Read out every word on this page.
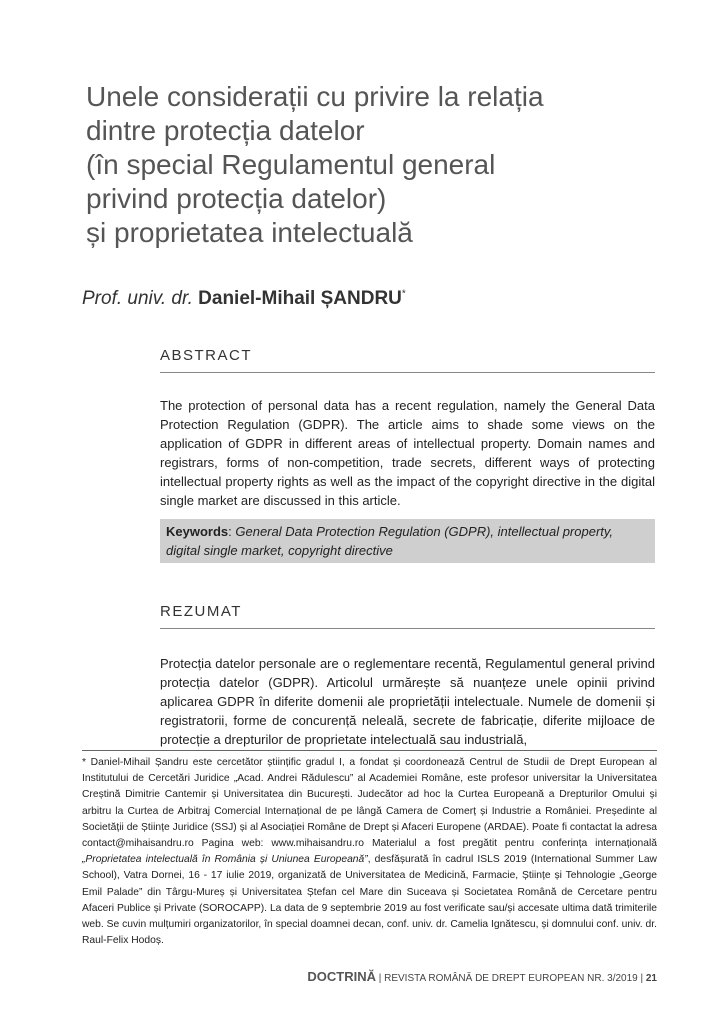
Unele considerații cu privire la relația
dintre protecția datelor
(în special Regulamentul general
privind protecția datelor)
și proprietatea intelectuală
Prof. univ. dr. Daniel-Mihail ȘANDRU*
ABSTRACT

The protection of personal data has a recent regulation, namely the General Data Protection Regulation (GDPR). The article aims to shade some views on the application of GDPR in different areas of intellectual property. Domain names and registrars, forms of non-competition, trade secrets, different ways of protecting intellectual property rights as well as the impact of the copyright directive in the digital single market are discussed in this article.

Keywords: General Data Protection Regulation (GDPR), intellectual property, digital single market, copyright directive
REZUMAT

Protecția datelor personale are o reglementare recentă, Regulamentul general privind protecția datelor (GDPR). Articolul urmărește să nuanțeze unele opinii privind aplicarea GDPR în diferite domenii ale proprietății intelectuale. Numele de domenii și registratorii, forme de concurență neleală, secrete de fabricație, diferite mijloace de protecție a drepturilor de proprietate intelectuală sau industrială,

* Daniel-Mihail Șandru este cercetător științific gradul I, a fondat și coordonează Centrul de Studii de Drept European al Institutului de Cercetări Juridice „Acad. Andrei Rădulescu” al Academiei Române, este profesor universitar la Universitatea Creștină Dimitrie Cantemir și Universitatea din București. Judecător ad hoc la Curtea Europeană a Drepturilor Omului și arbitru la Curtea de Arbitraj Comercial Internațional de pe lângă Camera de Comerț și Industrie a României. Președinte al Societății de Științe Juridice (SSJ) și al Asociației Române de Drept și Afaceri Europene (ARDAE). Poate fi contactat la adresa contact@mihaisandru.ro Pagina web: www.mihaisandru.ro Materialul a fost pregătit pentru conferința internațională „Proprietatea intelectuală în România și Uniunea Europeană”, desfășurată în cadrul ISLS 2019 (International Summer Law School), Vatra Dornei, 16 - 17 iulie 2019, organizată de Universitatea de Medicină, Farmacie, Științe și Tehnologie „George Emil Palade” din Târgu-Mureș și Universitatea Ștefan cel Mare din Suceava și Societatea Română de Cercetare pentru Afaceri Publice și Private (SOROCAPP). La data de 9 septembrie 2019 au fost verificate sau/și accesate ultima dată trimiterile web. Se cuvin mulțumiri organizatorilor, în special doamnei decan, conf. univ. dr. Camelia Ignătescu, și domnului conf. univ. dr. Raul-Felix Hodoș.

DOCTRINĂ | REVISTA ROMÂNĂ DE DREPT EUROPEAN NR. 3/2019 | 21
